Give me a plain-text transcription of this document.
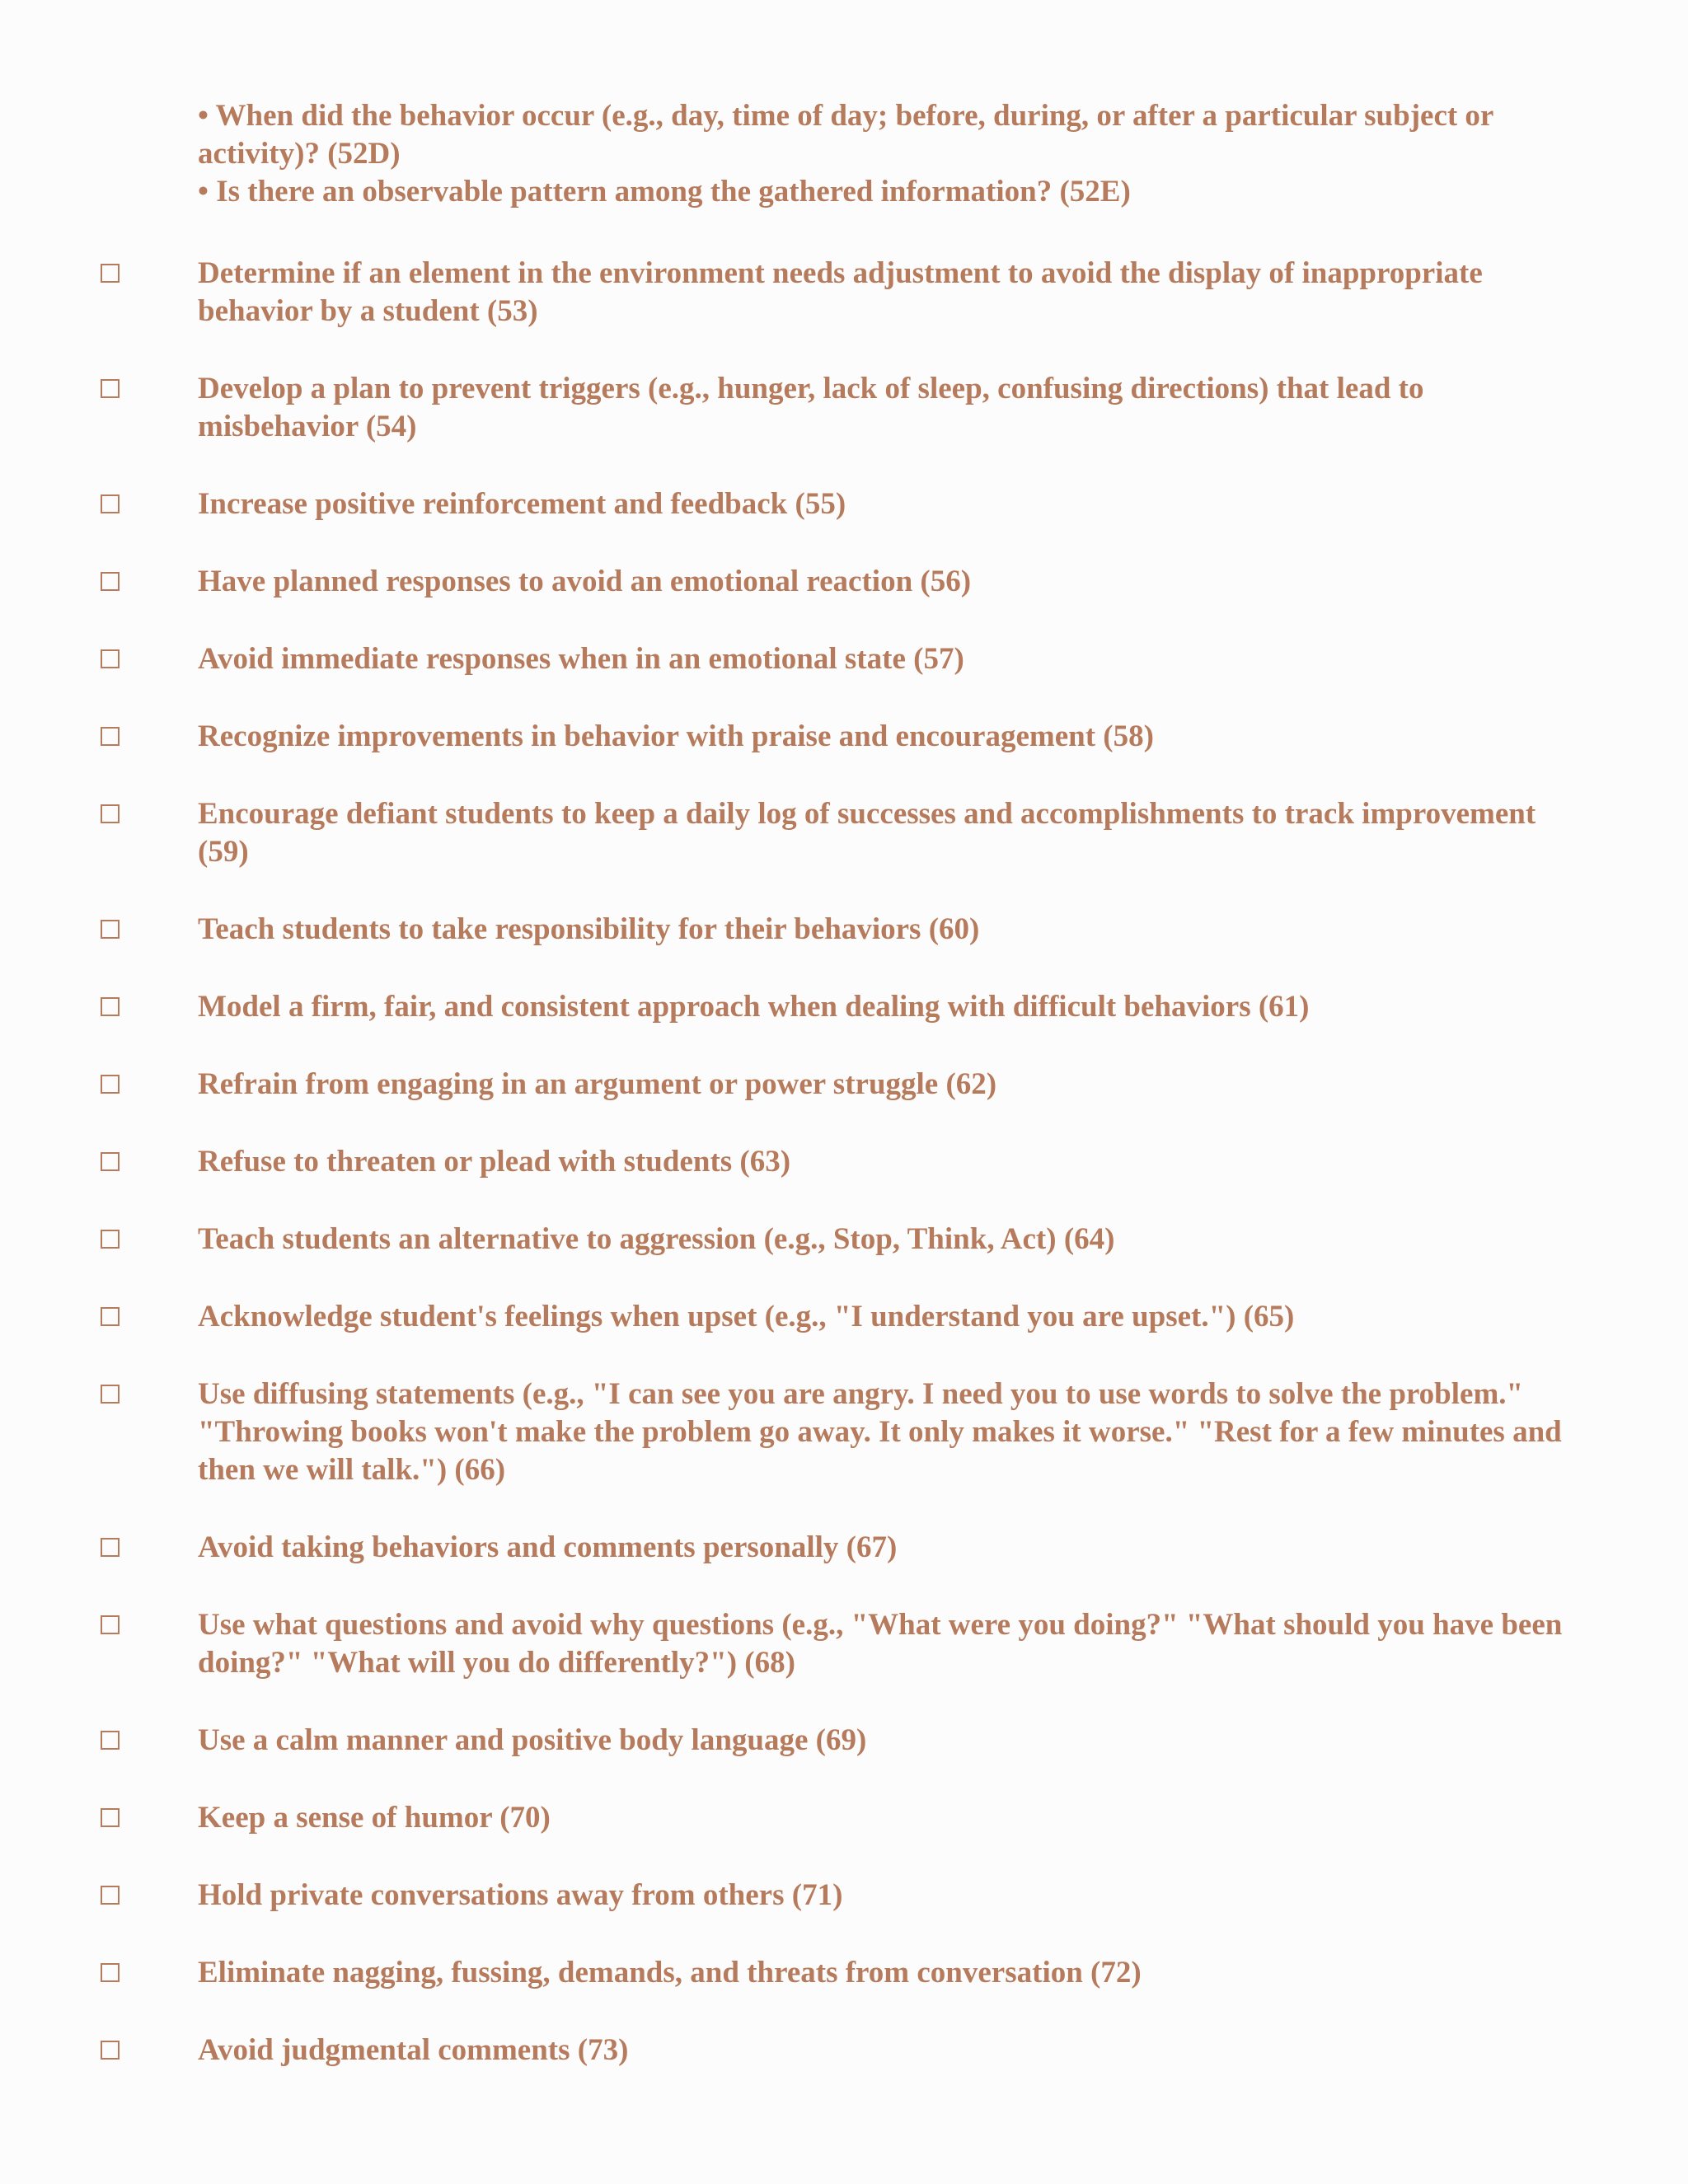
• When did the behavior occur (e.g., day, time of day; before, during, or after a particular subject or activity)? (52D)

• Is there an observable pattern among the gathered information? (52E)

Determine if an element in the environment needs adjustment to avoid the display of inappropriate behavior by a student (53)
Develop a plan to prevent triggers (e.g., hunger, lack of sleep, confusing directions) that lead to misbehavior (54)
Increase positive reinforcement and feedback (55)
Have planned responses to avoid an emotional reaction (56)
Avoid immediate responses when in an emotional state (57)
Recognize improvements in behavior with praise and encouragement (58)
Encourage defiant students to keep a daily log of successes and accomplishments to track improvement (59)
Teach students to take responsibility for their behaviors (60)
Model a firm, fair, and consistent approach when dealing with difficult behaviors (61)
Refrain from engaging in an argument or power struggle (62)
Refuse to threaten or plead with students (63)
Teach students an alternative to aggression (e.g., Stop, Think, Act) (64)
Acknowledge student's feelings when upset (e.g., "I understand you are upset.") (65)
Use diffusing statements (e.g., "I can see you are angry. I need you to use words to solve the problem." "Throwing books won't make the problem go away. It only makes it worse." "Rest for a few minutes and then we will talk.") (66)
Avoid taking behaviors and comments personally (67)
Use what questions and avoid why questions (e.g., "What were you doing?" "What should you have been doing?" "What will you do differently?") (68)
Use a calm manner and positive body language (69)
Keep a sense of humor (70)
Hold private conversations away from others (71)
Eliminate nagging, fussing, demands, and threats from conversation (72)
Avoid judgmental comments (73)
